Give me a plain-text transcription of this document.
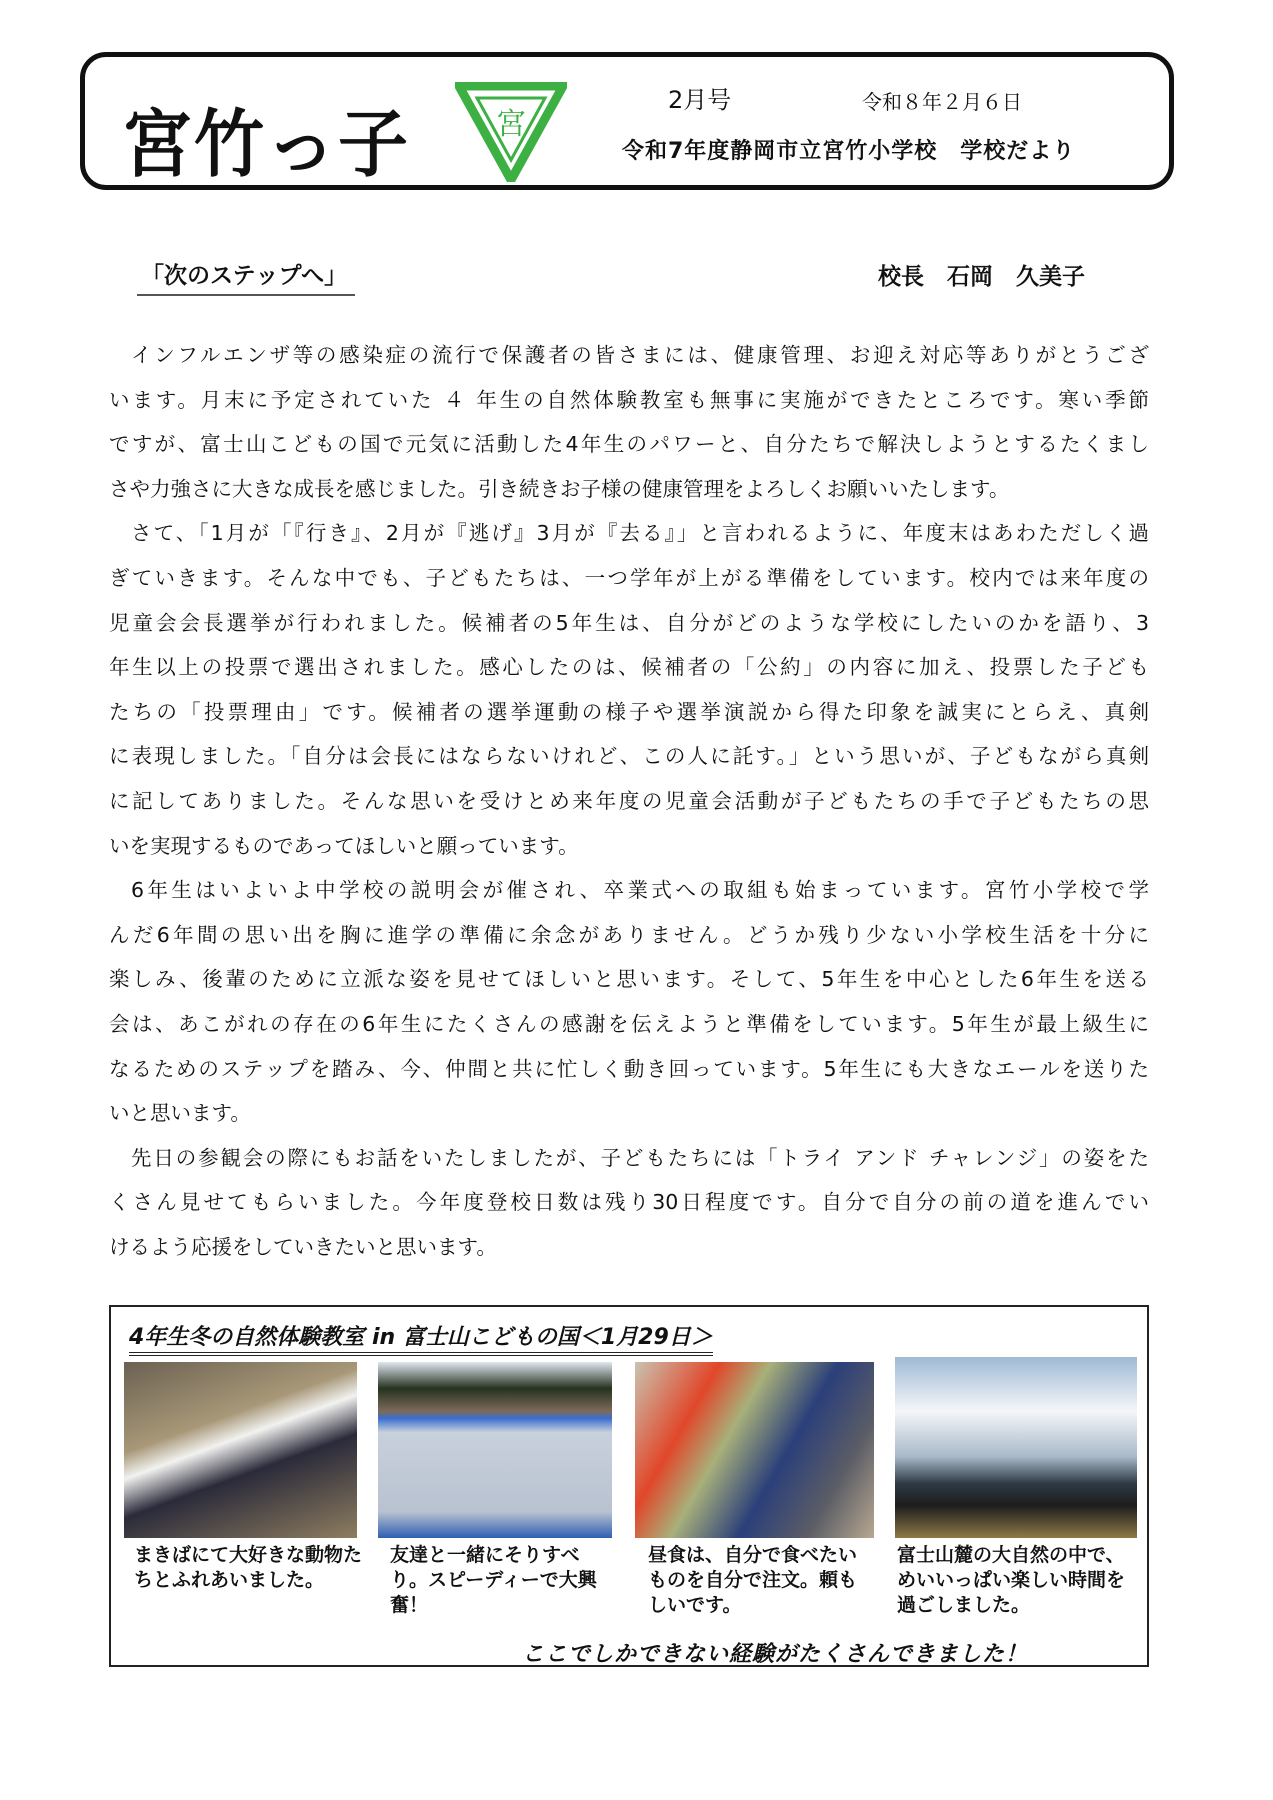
宮竹っ子	宮
2月号	令和８年２月６日
令和7年度静岡市立宮竹小学校　学校だより
「次のステップへ」	校長　石岡　久美子
インフルエンザ等の感染症の流行で保護者の皆さまには、健康管理、お迎え対応等ありがとうござ
います。月末に予定されていた ４ 年生の自然体験教室も無事に実施ができたところです。寒い季節
ですが、富士山こどもの国で元気に活動した4年生のパワーと、自分たちで解決しようとするたくまし
さや力強さに大きな成長を感じました。引き続きお子様の健康管理をよろしくお願いいたします。
さて、「1月が「『行き』、2月が『逃げ』3月が『去る』」と言われるように、年度末はあわただしく過
ぎていきます。そんな中でも、子どもたちは、一つ学年が上がる準備をしています。校内では来年度の
児童会会長選挙が行われました。候補者の5年生は、自分がどのような学校にしたいのかを語り、3
年生以上の投票で選出されました。感心したのは、候補者の「公約」の内容に加え、投票した子ども
たちの「投票理由」です。候補者の選挙運動の様子や選挙演説から得た印象を誠実にとらえ、真剣
に表現しました。「自分は会長にはならないけれど、この人に託す。」という思いが、子どもながら真剣
に記してありました。そんな思いを受けとめ来年度の児童会活動が子どもたちの手で子どもたちの思
いを実現するものであってほしいと願っています。
6年生はいよいよ中学校の説明会が催され、卒業式への取組も始まっています。宮竹小学校で学
んだ6年間の思い出を胸に進学の準備に余念がありません。どうか残り少ない小学校生活を十分に
楽しみ、後輩のために立派な姿を見せてほしいと思います。そして、5年生を中心とした6年生を送る
会は、あこがれの存在の6年生にたくさんの感謝を伝えようと準備をしています。5年生が最上級生に
なるためのステップを踏み、今、仲間と共に忙しく動き回っています。5年生にも大きなエールを送りた
いと思います。
先日の参観会の際にもお話をいたしましたが、子どもたちには「トライ アンド チャレンジ」の姿をた
くさん見せてもらいました。今年度登校日数は残り30日程度です。自分で自分の前の道を進んでい
けるよう応援をしていきたいと思います。
4年生冬の自然体験教室 in 富士山こどもの国＜1月29日＞
まきばにて大好きな動物たちとふれあいました。
友達と一緒にそりすべり。スピーディーで大興奮！
昼食は、自分で食べたいものを自分で注文。頼もしいです。
富士山麓の大自然の中で、めいいっぱい楽しい時間を過ごしました。
ここでしかできない経験がたくさんできました！
